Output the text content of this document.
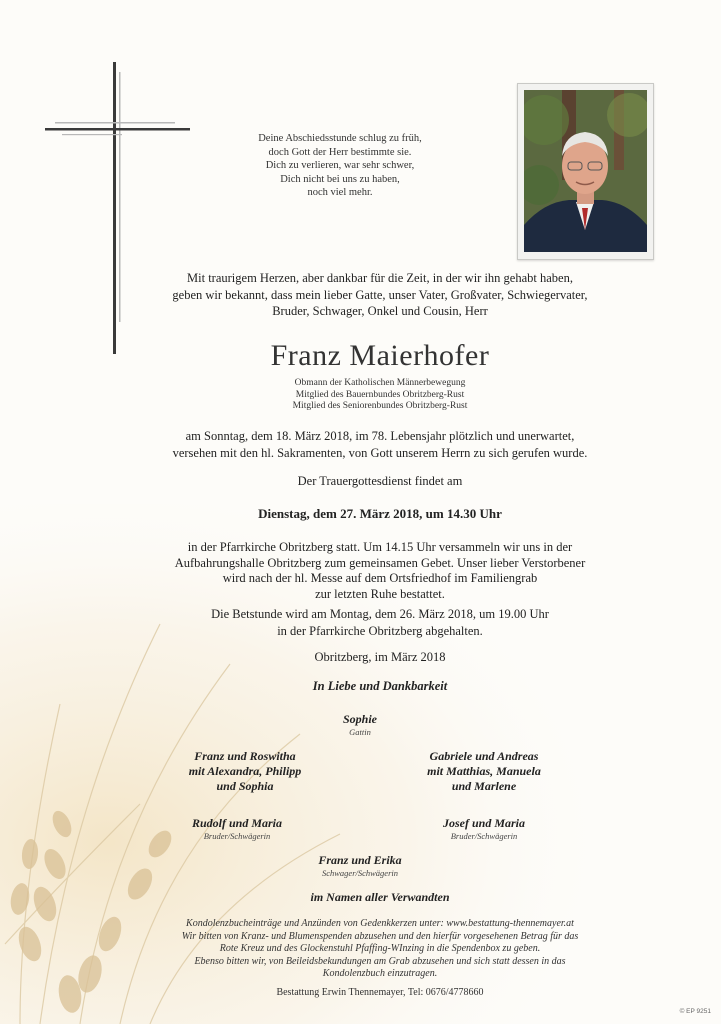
Deine Abschiedsstunde schlug zu früh,
doch Gott der Herr bestimmte sie.
Dich zu verlieren, war sehr schwer,
Dich nicht bei uns zu haben,
noch viel mehr.
Mit traurigem Herzen, aber dankbar für die Zeit, in der wir ihn gehabt haben,
geben wir bekannt, dass mein lieber Gatte, unser Vater, Großvater, Schwiegervater,
Bruder, Schwager, Onkel und Cousin, Herr
Franz Maierhofer
Obmann der Katholischen Männerbewegung
Mitglied des Bauernbundes Obritzberg-Rust
Mitglied des Seniorenbundes Obritzberg-Rust
am Sonntag, dem 18. März 2018, im 78. Lebensjahr plötzlich und unerwartet,
versehen mit den hl. Sakramenten, von Gott unserem Herrn zu sich gerufen wurde.
Der Trauergottesdienst findet am
Dienstag, dem 27. März 2018, um 14.30 Uhr
in der Pfarrkirche Obritzberg statt. Um 14.15 Uhr versammeln wir uns in der
Aufbahrungshalle Obritzberg zum gemeinsamen Gebet. Unser lieber Verstorbener
wird nach der hl. Messe auf dem Ortsfriedhof im Familiengrab
zur letzten Ruhe bestattet.
Die Betstunde wird am Montag, dem 26. März 2018, um 19.00 Uhr
in der Pfarrkirche Obritzberg abgehalten.
Obritzberg, im März 2018
In Liebe und Dankbarkeit
Sophie
Gattin
Franz und Roswitha
mit Alexandra, Philipp
und Sophia
Gabriele und Andreas
mit Matthias, Manuela
und Marlene
Rudolf und Maria
Bruder/Schwägerin
Josef und Maria
Bruder/Schwägerin
Franz und Erika
Schwager/Schwägerin
im Namen aller Verwandten
Kondolenzbucheinträge und Anzünden von Gedenkkerzen unter: www.bestattung-thennemayer.at
Wir bitten von Kranz- und Blumenspenden abzusehen und den hierfür vorgesehenen Betrag für das
Rote Kreuz und des Glockenstuhl Pfaffing-WInzing in die Spendenbox zu geben.
Ebenso bitten wir, von Beileidsbekundungen am Grab abzusehen und sich statt dessen in das
Kondolenzbuch einzutragen.
Bestattung Erwin Thennemayer, Tel: 0676/4778660
© EP 9251
